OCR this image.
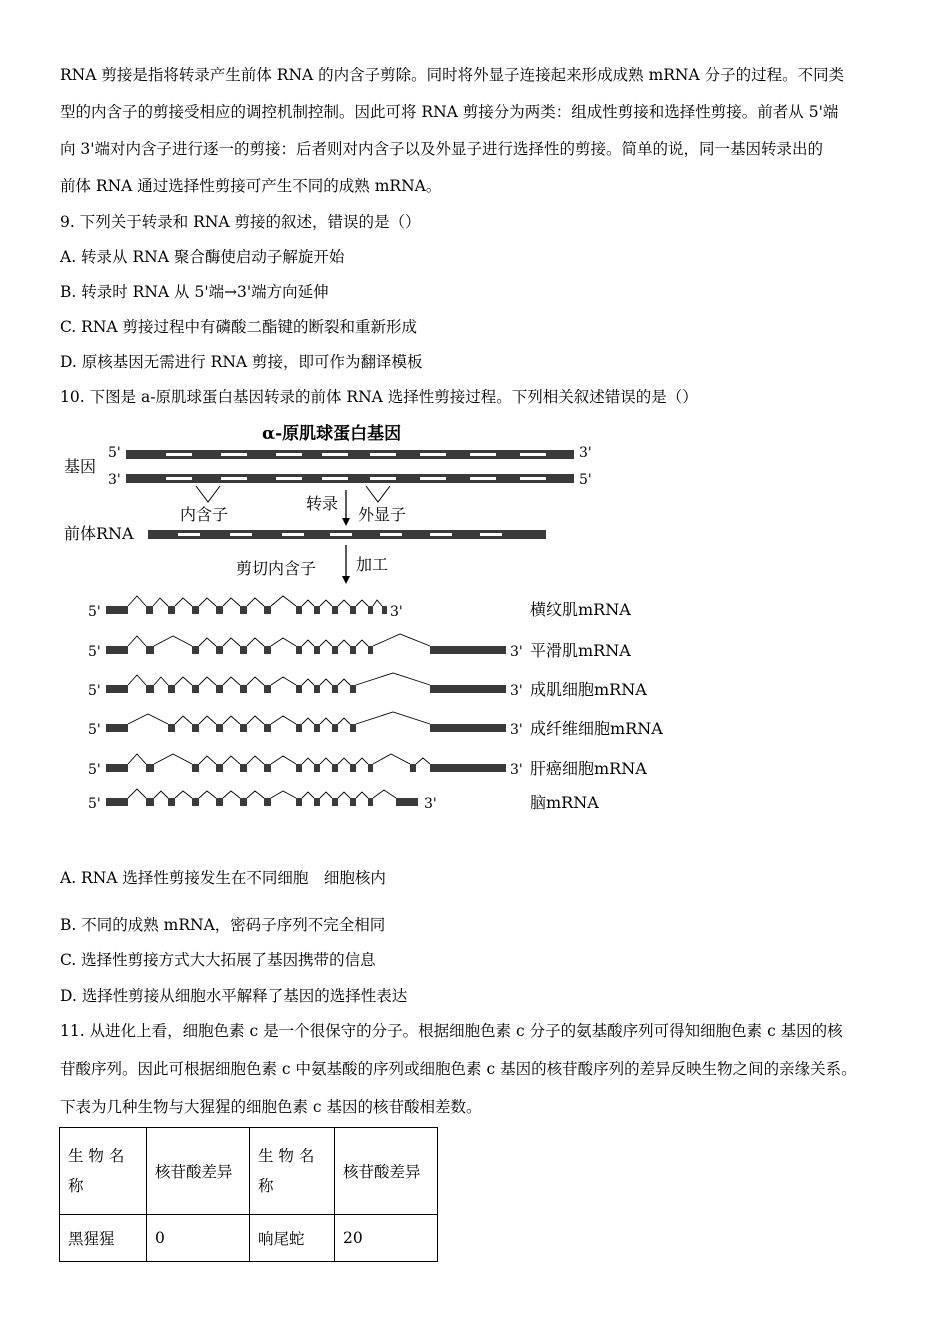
RNA 剪接是指将转录产生前体 RNA 的内含子剪除。同时将外显子连接起来形成成熟 mRNA 分子的过程。不同类
型的内含子的剪接受相应的调控机制控制。因此可将 RNA 剪接分为两类：组成性剪接和选择性剪接。前者从 5'端
向 3'端对内含子进行逐一的剪接：后者则对内含子以及外显子进行选择性的剪接。简单的说，同一基因转录出的
前体 RNA 通过选择性剪接可产生不同的成熟 mRNA。
9. 下列关于转录和 RNA 剪接的叙述，错误的是（）
A. 转录从 RNA 聚合酶使启动子解旋开始
B. 转录时 RNA 从 5'端→3'端方向延伸
C. RNA 剪接过程中有磷酸二酯键的断裂和重新形成
D. 原核基因无需进行 RNA 剪接，即可作为翻译模板
10. 下图是 a-原肌球蛋白基因转录的前体 RNA 选择性剪接过程。下列相关叙述错误的是（）
α-原肌球蛋白基因
基因
5'
3'
3'
5'
内含子
转录
外显子
前体RNA
剪切内含子 加工
5'	3'	横纹肌mRNA
5'	3' 平滑肌mRNA
5'	3' 成肌细胞mRNA
5'	3' 成纤维细胞mRNA
5'	3' 肝癌细胞mRNA
5'	3'	脑mRNA
A. RNA 选择性剪接发生在不同细胞　细胞核内
B. 不同的成熟 mRNA，密码子序列不完全相同
C. 选择性剪接方式大大拓展了基因携带的信息
D. 选择性剪接从细胞水平解释了基因的选择性表达
11. 从进化上看，细胞色素 c 是一个很保守的分子。根据细胞色素 c 分子的氨基酸序列可得知细胞色素 c 基因的核
苷酸序列。因此可根据细胞色素 c 中氨基酸的序列或细胞色素 c 基因的核苷酸序列的差异反映生物之间的亲缘关系。
下表为几种生物与大猩猩的细胞色素 c 基因的核苷酸相差数。
生 物 名 称	核苷酸差异	生 物 名 称	核苷酸差异
黑猩猩	0	响尾蛇	20
